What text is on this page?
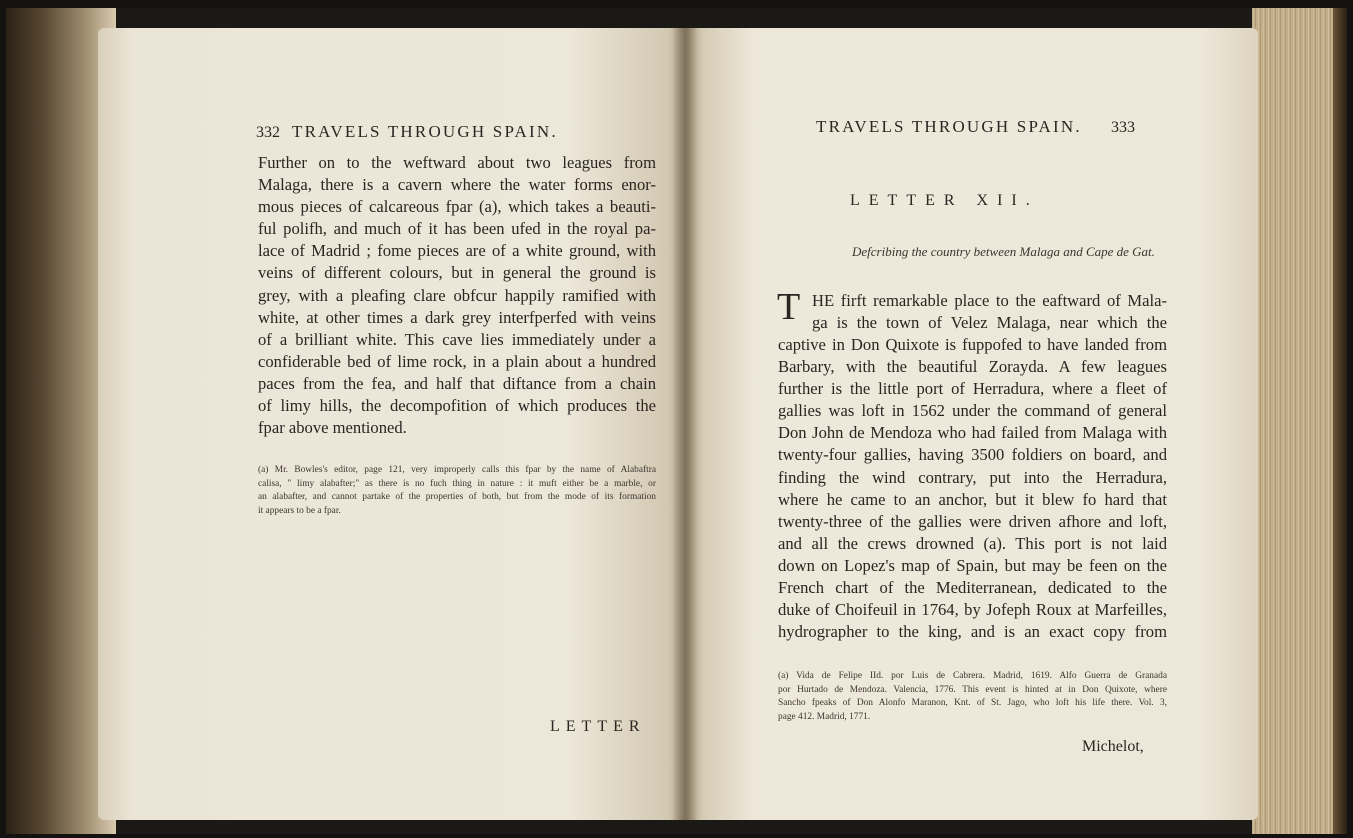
332 TRAVELS THROUGH SPAIN.

Further on to the weftward about two leagues from

Malaga, there is a cavern where the water forms enor-

mous pieces of calcareous fpar (a), which takes a beauti-

ful polifh, and much of it has been ufed in the royal pa-

lace of Madrid ; fome pieces are of a white ground, with

veins of different colours, but in general the ground is

grey, with a pleafing clare obfcur happily ramified with

white, at other times a dark grey interfperfed with veins

of a brilliant white. This cave lies immediately under a

confiderable bed of lime rock, in a plain about a hundred

paces from the fea, and half that diftance from a chain

of limy hills, the decompofition of which produces the

fpar above mentioned.

(a) Mr. Bowles's editor, page 121, very improperly calls this fpar by the name of Alabaftra

calisa, " limy alabafter;" as there is no fuch thing in nature : it muft either be a marble, or

an alabafter, and cannot partake of the properties of both, but from the mode of its formation

it appears to be a fpar.

LETTER
TRAVELS THROUGH SPAIN. 333
LETTER XII.
Defcribing the country between Malaga and Cape de Gat.
T HE firft remarkable place to the eaftward of Mala-

ga is the town of Velez Malaga, near which the

captive in Don Quixote is fuppofed to have landed from

Barbary, with the beautiful Zorayda. A few leagues

further is the little port of Herradura, where a fleet of

gallies was loft in 1562 under the command of general

Don John de Mendoza who had failed from Malaga with

twenty-four gallies, having 3500 foldiers on board, and

finding the wind contrary, put into the Herradura,

where he came to an anchor, but it blew fo hard that

twenty-three of the gallies were driven afhore and loft,

and all the crews drowned (a). This port is not laid

down on Lopez's map of Spain, but may be feen on the

French chart of the Mediterranean, dedicated to the

duke of Choifeuil in 1764, by Jofeph Roux at Marfeilles,

hydrographer to the king, and is an exact copy from

(a) Vida de Felipe IId. por Luis de Cabrera. Madrid, 1619. Alfo Guerra de Granada

por Hurtado de Mendoza. Valencia, 1776. This event is hinted at in Don Quixote, where

Sancho fpeaks of Don Alonfo Maranon, Knt. of St. Jago, who loft his life there. Vol. 3,

page 412. Madrid, 1771.

Michelot,
